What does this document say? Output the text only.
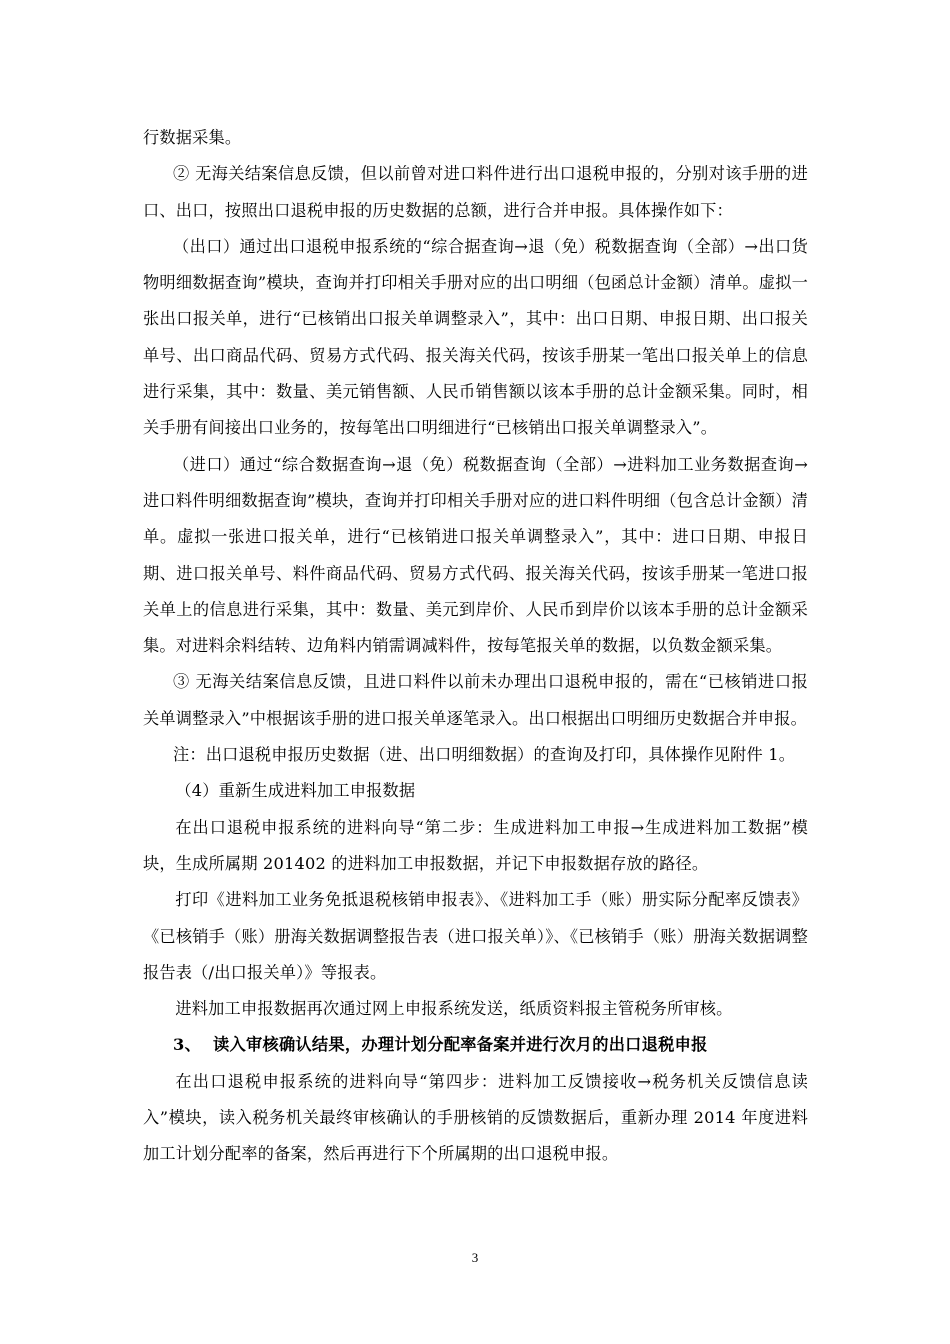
行数据采集。

② 无海关结案信息反馈，但以前曾对进口料件进行出口退税申报的，分别对该手册的进口、出口，按照出口退税申报的历史数据的总额，进行合并申报。具体操作如下：

（出口）通过出口退税申报系统的“综合据查询→退（免）税数据查询（全部）→出口货物明细数据查询”模块，查询并打印相关手册对应的出口明细（包函总计金额）清单。虚拟一张出口报关单，进行“已核销出口报关单调整录入”，其中：出口日期、申报日期、出口报关单号、出口商品代码、贸易方式代码、报关海关代码，按该手册某一笔出口报关单上的信息进行采集，其中：数量、美元销售额、人民币销售额以该本手册的总计金额采集。同时，相关手册有间接出口业务的，按每笔出口明细进行“已核销出口报关单调整录入”。

（进口）通过“综合数据查询→退（免）税数据查询（全部）→进料加工业务数据查询→进口料件明细数据查询”模块，查询并打印相关手册对应的进口料件明细（包含总计金额）清单。虚拟一张进口报关单，进行“已核销进口报关单调整录入”，其中：进口日期、申报日期、进口报关单号、料件商品代码、贸易方式代码、报关海关代码，按该手册某一笔进口报关单上的信息进行采集，其中：数量、美元到岸价、人民币到岸价以该本手册的总计金额采集。对进料余料结转、边角料内销需调减料件，按每笔报关单的数据，以负数金额采集。

③ 无海关结案信息反馈，且进口料件以前未办理出口退税申报的，需在“已核销进口报关单调整录入”中根据该手册的进口报关单逐笔录入。出口根据出口明细历史数据合并申报。

注：出口退税申报历史数据（进、出口明细数据）的查询及打印，具体操作见附件 1。

（4）重新生成进料加工申报数据

在出口退税申报系统的进料向导“第二步：生成进料加工申报→生成进料加工数据”模块，生成所属期 201402 的进料加工申报数据，并记下申报数据存放的路径。

打印《进料加工业务免抵退税核销申报表》、《进料加工手（账）册实际分配率反馈表》《已核销手（账）册海关数据调整报告表（进口报关单）》、《已核销手（账）册海关数据调整报告表（/出口报关单）》等报表。

进料加工申报数据再次通过网上申报系统发送，纸质资料报主管税务所审核。

3、 读入审核确认结果，办理计划分配率备案并进行次月的出口退税申报

在出口退税申报系统的进料向导“第四步：进料加工反馈接收→税务机关反馈信息读入”模块，读入税务机关最终审核确认的手册核销的反馈数据后，重新办理 2014 年度进料加工计划分配率的备案，然后再进行下个所属期的出口退税申报。

3
